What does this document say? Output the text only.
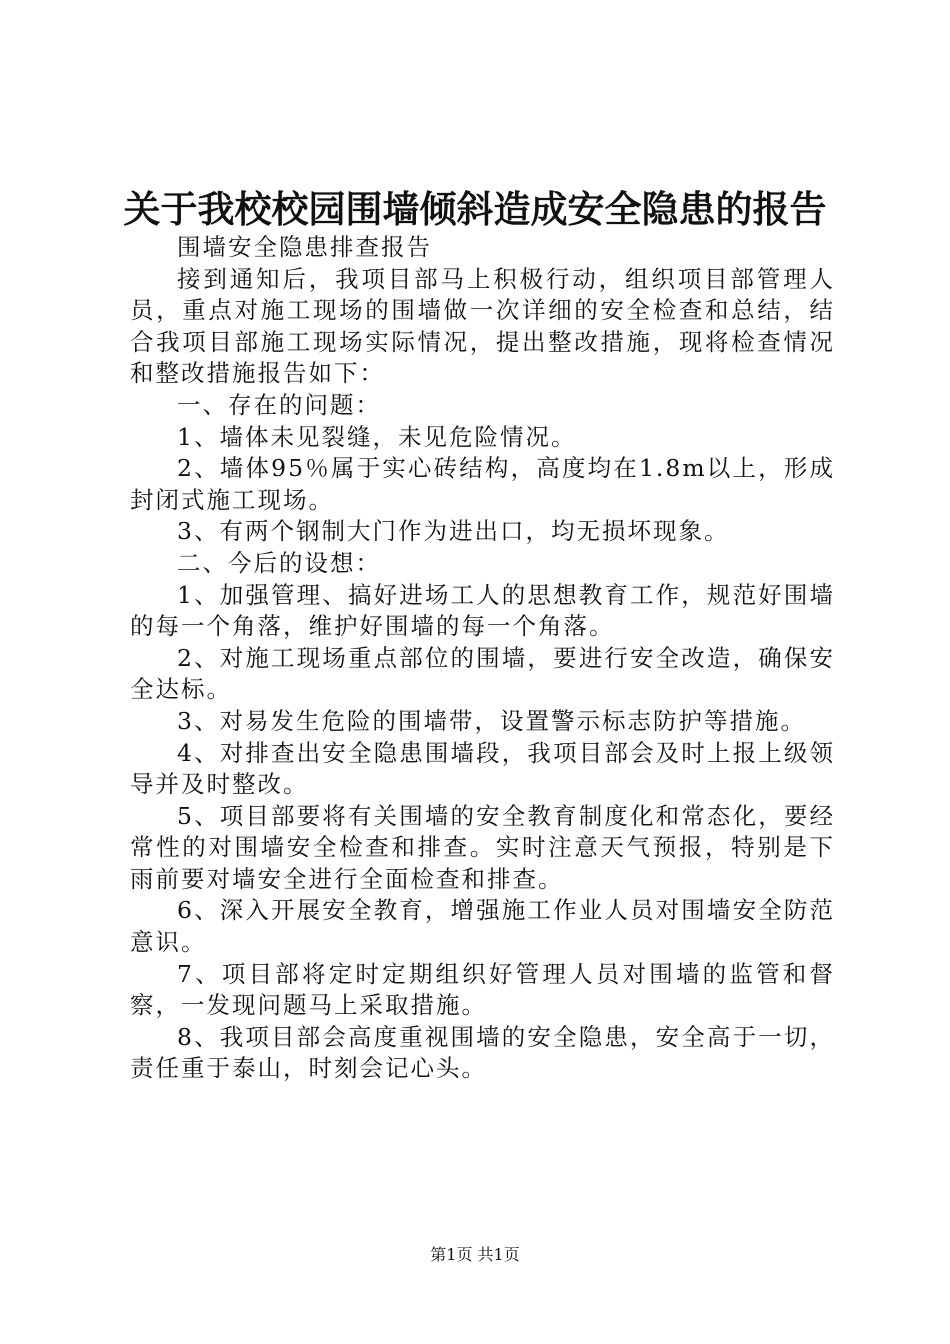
关于我校校园围墙倾斜造成安全隐患的报告

围墙安全隐患排查报告

接到通知后，我项目部马上积极行动，组织项目部管理人员，重点对施工现场的围墙做一次详细的安全检查和总结，结合我项目部施工现场实际情况，提出整改措施，现将检查情况和整改措施报告如下：

一、存在的问题：

1、墙体未见裂缝，未见危险情况。

2、墙体95％属于实心砖结构，高度均在1.8m以上，形成封闭式施工现场。

3、有两个钢制大门作为进出口，均无损坏现象。

二、今后的设想：

1、加强管理、搞好进场工人的思想教育工作，规范好围墙的每一个角落，维护好围墙的每一个角落。

2、对施工现场重点部位的围墙，要进行安全改造，确保安全达标。

3、对易发生危险的围墙带，设置警示标志防护等措施。

4、对排查出安全隐患围墙段，我项目部会及时上报上级领导并及时整改。

5、项目部要将有关围墙的安全教育制度化和常态化，要经常性的对围墙安全检查和排查。实时注意天气预报，特别是下雨前要对墙安全进行全面检查和排查。

6、深入开展安全教育，增强施工作业人员对围墙安全防范意识。

7、项目部将定时定期组织好管理人员对围墙的监管和督察，一发现问题马上采取措施。

8、我项目部会高度重视围墙的安全隐患，安全高于一切，责任重于泰山，时刻会记心头。

第1页 共1页
